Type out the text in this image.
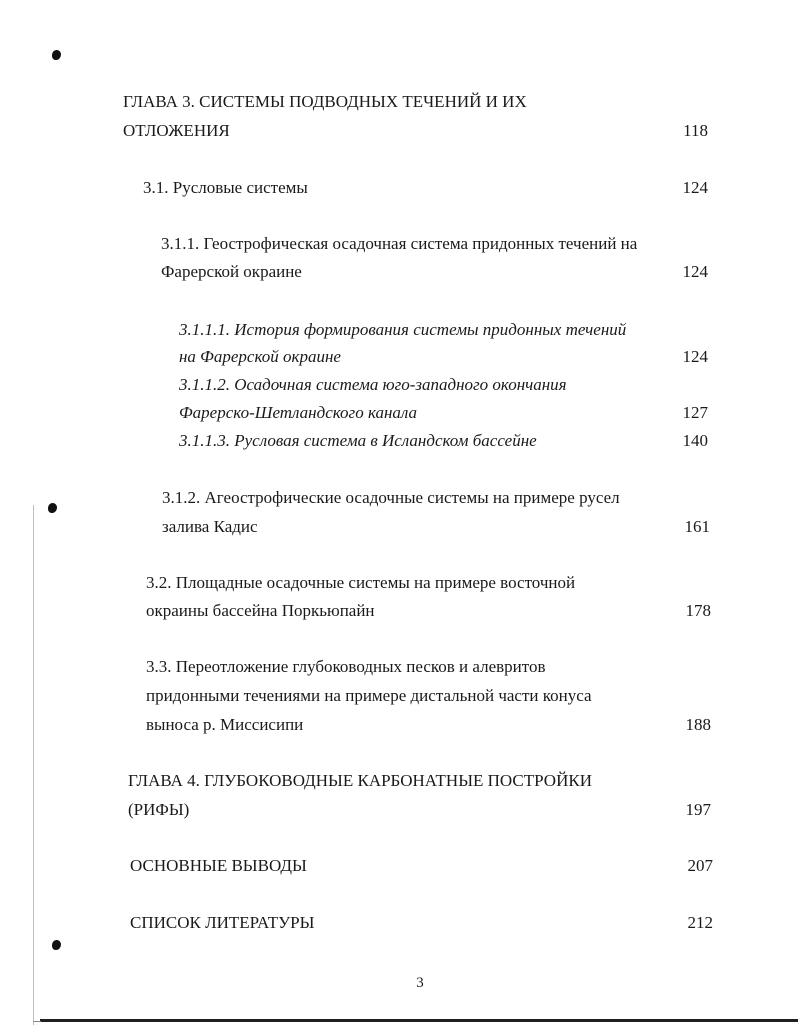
ГЛАВА 3. СИСТЕМЫ ПОДВОДНЫХ ТЕЧЕНИЙ И ИХ
ОТЛОЖЕНИЯ	118
3.1. Русловые системы	124
3.1.1. Геострофическая осадочная система придонных течений на
Фарерской окраине	124
3.1.1.1. История формирования системы придонных течений
на Фарерской окраине	124
3.1.1.2. Осадочная система юго-западного окончания
Фарерско-Шетландского канала	127
3.1.1.3. Русловая система в Исландском бассейне	140
3.1.2. Агеострофические осадочные системы на примере русел
залива Кадис	161
3.2. Площадные осадочные системы на примере восточной
окраины бассейна Поркьюпайн	178
3.3. Переотложение глубоководных песков и алевритов
придонными течениями на примере дистальной части конуса
выноса р. Миссисипи	188
ГЛАВА 4. ГЛУБОКОВОДНЫЕ КАРБОНАТНЫЕ ПОСТРОЙКИ
(РИФЫ)	197
ОСНОВНЫЕ ВЫВОДЫ	207
СПИСОК ЛИТЕРАТУРЫ	212
3
